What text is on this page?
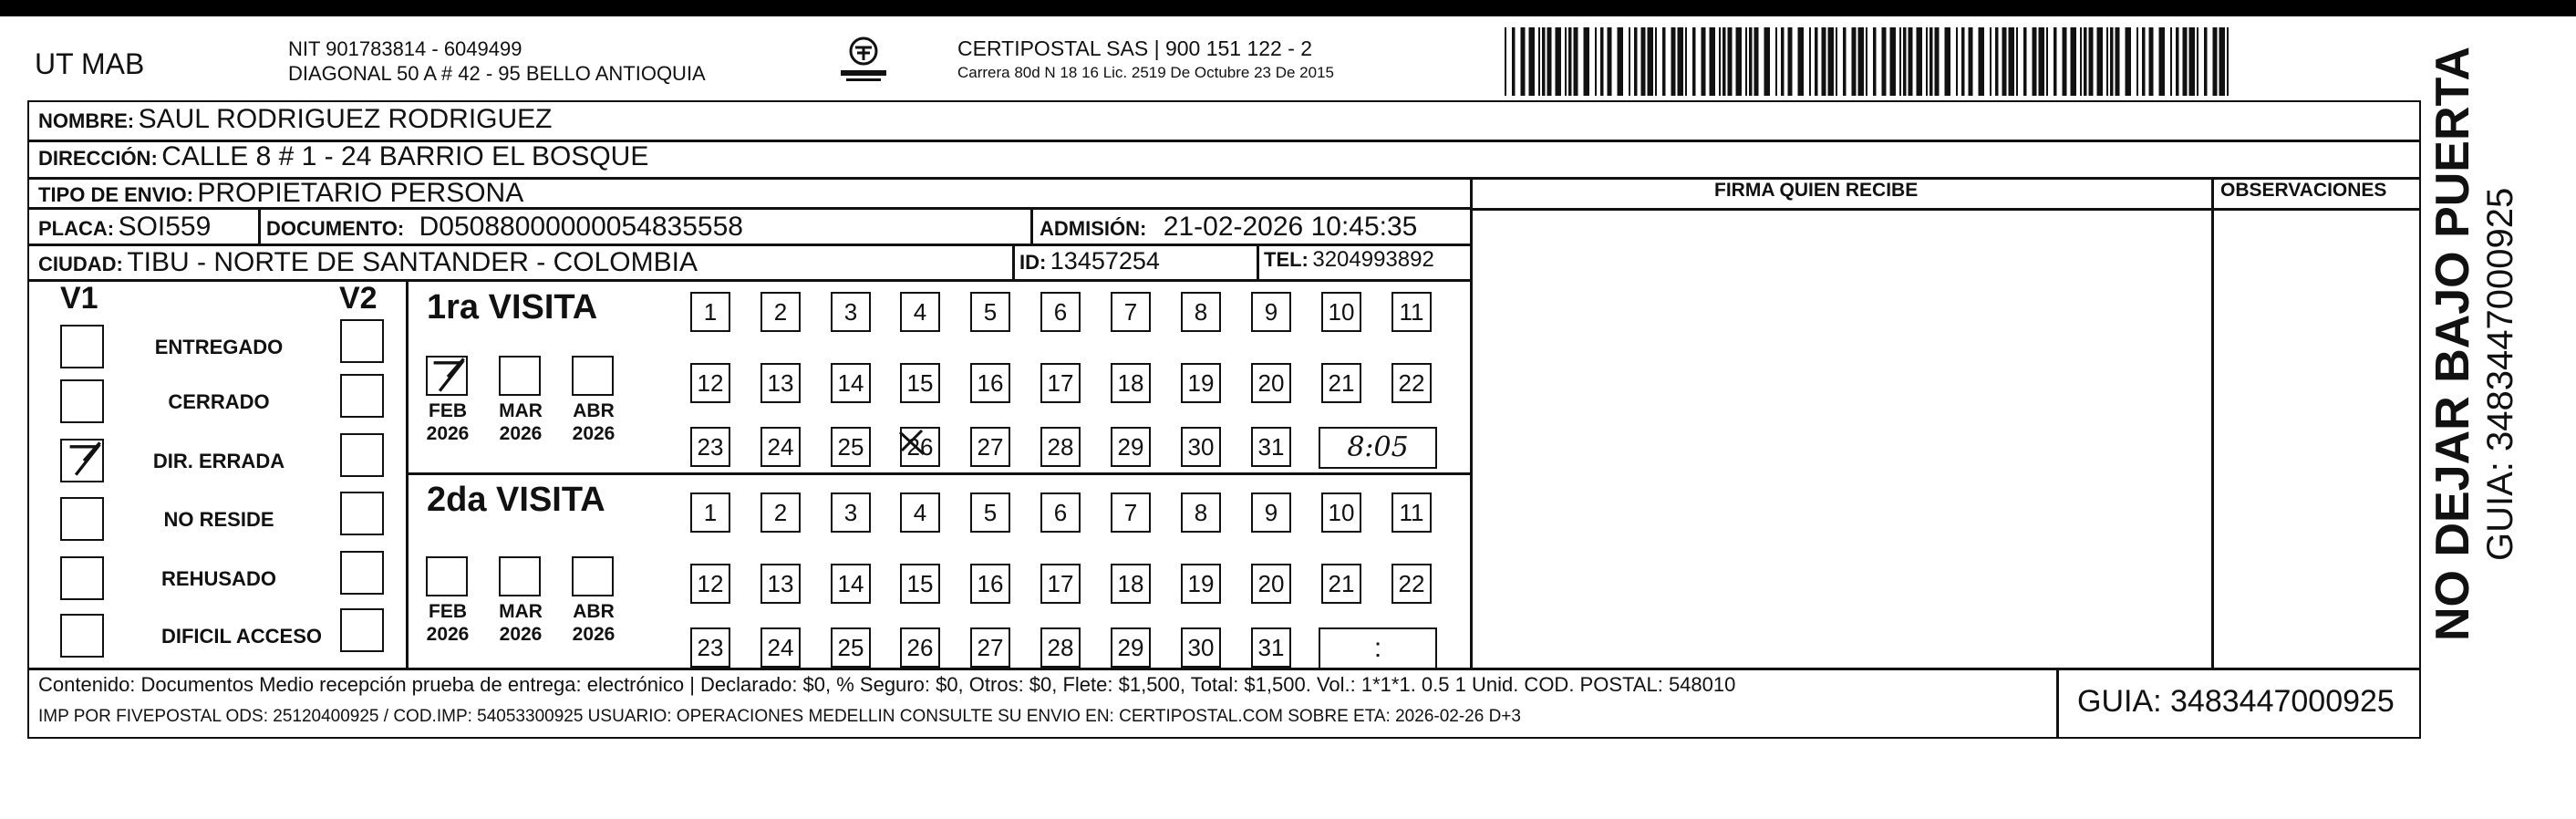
UT MAB	NIT 901783814 - 6049499
DIAGONAL 50 A # 42 - 95 BELLO ANTIOQUIA
CERTIPOSTAL SAS | 900 151 122 - 2
Carrera 80d N 18 16 Lic. 2519 De Octubre 23 De 2015
NOMBRE: SAUL RODRIGUEZ RODRIGUEZ
DIRECCIÓN: CALLE 8 # 1 - 24 BARRIO EL BOSQUE
TIPO DE ENVIO: PROPIETARIO PERSONA	FIRMA QUIEN RECIBE	OBSERVACIONES
PLACA: SOI559	DOCUMENTO: D05088000000054835558	ADMISIÓN: 21-02-2026 10:45:35
CIUDAD: TIBU - NORTE DE SANTANDER - COLOMBIA	ID: 13457254	TEL: 3204993892
V1	V2
ENTREGADO
CERRADO
DIR. ERRADA
NO RESIDE
REHUSADO
DIFICIL ACCESO
1ra VISITA
2da VISITA
FEB
2026
MAR
2026
ABR
2026
1	2	3	4	5	6	7	8	9	10	11
12 13 14 15 16 17 18 19 20 21 22
23 24 25 26 27 28 29 30 31	8:05
FEB
2026
MAR
2026
ABR
2026
1	2	3	4	5	6	7	8	9	10	11
12 13 14 15 16 17 18 19 20 21 22
23 24 25 26 27 28 29 30 31	:
Contenido: Documentos Medio recepción prueba de entrega: electrónico | Declarado: $0, % Seguro: $0, Otros: $0, Flete: $1,500, Total: $1,500. Vol.: 1*1*1. 0.5 1 Unid. COD. POSTAL: 548010
IMP POR FIVEPOSTAL ODS: 25120400925 / COD.IMP: 54053300925 USUARIO: OPERACIONES MEDELLIN CONSULTE SU ENVIO EN: CERTIPOSTAL.COM SOBRE ETA: 2026-02-26 D+3	GUIA: 3483447000925
NO DEJAR BAJO PUERTA GUIA: 3483447000925
